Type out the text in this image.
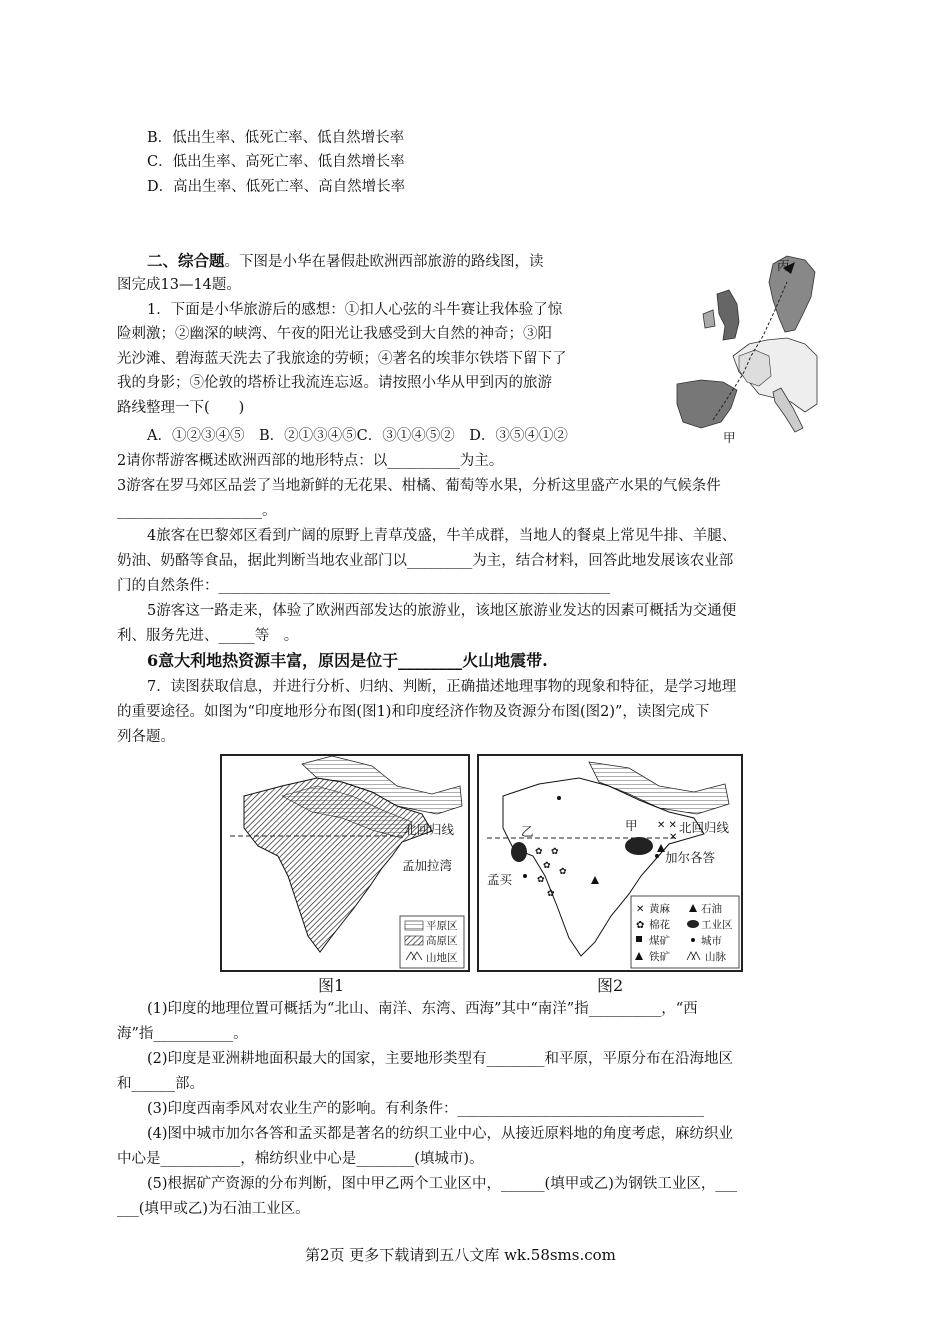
B．低出生率、低死亡率、低自然增长率
C．低出生率、高死亡率、低自然增长率
D．高出生率、低死亡率、高自然增长率
二、综合题。下图是小华在暑假赴欧洲西部旅游的路线图，读
图完成13—14题。
1．下面是小华旅游后的感想：①扣人心弦的斗牛赛让我体验了惊
险刺激；②幽深的峡湾、午夜的阳光让我感受到大自然的神奇；③阳
光沙滩、碧海蓝天洗去了我旅途的劳顿；④著名的埃菲尔铁塔下留下了
我的身影；⑤伦敦的塔桥让我流连忘返。请按照小华从甲到丙的旅游
路线整理一下(　　)
A．①②③④⑤　B．②①③④⑤C．③①④⑤②　D．③⑤④①②
2请你帮游客概述欧洲西部的地形特点：以__________为主。
3游客在罗马郊区品尝了当地新鲜的无花果、柑橘、葡萄等水果，分析这里盛产水果的气候条件
____________________。
4旅客在巴黎郊区看到广阔的原野上青草茂盛，牛羊成群，当地人的餐桌上常见牛排、羊腿、
奶油、奶酪等食品，据此判断当地农业部门以_________为主，结合材料，回答此地发展该农业部
门的自然条件：______________________________________________________
5游客这一路走来，体验了欧洲西部发达的旅游业，该地区旅游业发达的因素可概括为交通便
利、服务先进、_____等　。
6意大利地热资源丰富，原因是位于________火山地震带.
7．读图获取信息，并进行分析、归纳、判断，正确描述地理事物的现象和特征，是学习地理
的重要途径。如图为“印度地形分布图(图1)和印度经济作物及资源分布图(图2)”，读图完成下
列各题。
丙
甲
北回归线
孟加拉湾
平原区
高原区
山地区
图1
✕ ✕
✕
✿
✿
✿
✿
✿
✿
✕
✿
甲
乙	北回归线
加尔各答
孟买
黄麻	石油
棉花	工业区
煤矿	城市
铁矿	山脉
图2
(1)印度的地理位置可概括为“北山、南洋、东湾、西海”其中“南洋”指__________，“西
海”指___________。
(2)印度是亚洲耕地面积最大的国家，主要地形类型有________和平原，平原分布在沿海地区
和______部。
(3)印度西南季风对农业生产的影响。有利条件：__________________________________
(4)图中城市加尔各答和孟买都是著名的纺织工业中心，从接近原料地的角度考虑，麻纺织业
中心是___________，棉纺织业中心是________(填城市)。
(5)根据矿产资源的分布判断，图中甲乙两个工业区中，______(填甲或乙)为钢铁工业区，___
___(填甲或乙)为石油工业区。
第2页 更多下载请到五八文库 wk.58sms.com
